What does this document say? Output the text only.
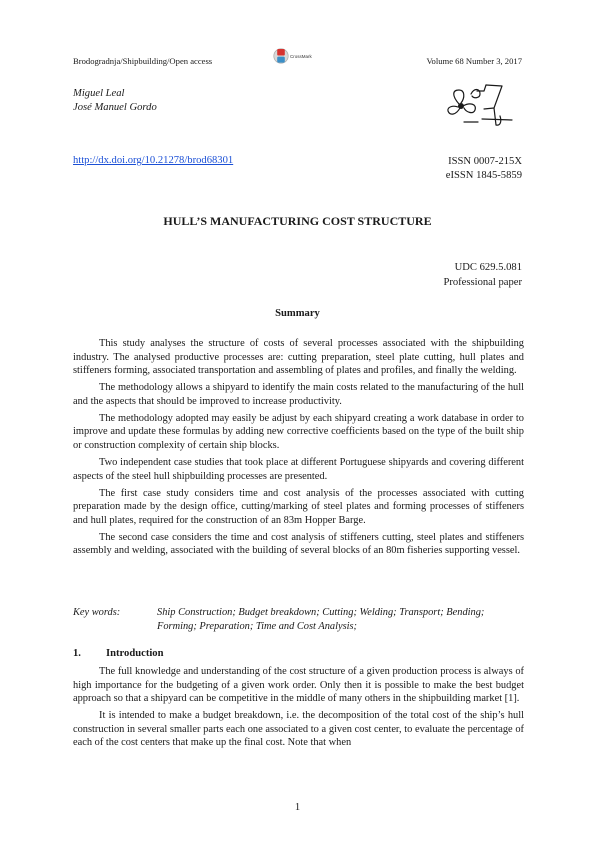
Brodogradnja/Shipbuilding/Open access	CrossMark	Volume 68 Number 3, 2017
Miguel Leal
José Manuel Gordo
http://dx.doi.org/10.21278/brod68301	ISSN 0007-215X
eISSN 1845-5859
HULL’S MANUFACTURING COST STRUCTURE
UDC 629.5.081
Professional paper
Summary

This study analyses the structure of costs of several processes associated with the shipbuilding industry. The analysed productive processes are: cutting preparation, steel plate cutting, hull plates and stiffeners forming, associated transportation and assembling of plates and profiles, and finally the welding.

The methodology allows a shipyard to identify the main costs related to the manufacturing of the hull and the aspects that should be improved to increase productivity.

The methodology adopted may easily be adjust by each shipyard creating a work database in order to improve and update these formulas by adding new corrective coefficients based on the type of the built ship or construction complexity of certain ship blocks.

Two independent case studies that took place at different Portuguese shipyards and covering different aspects of the steel hull shipbuilding processes are presented.

The first case study considers time and cost analysis of the processes associated with cutting preparation made by the design office, cutting/marking of steel plates and forming processes of stiffeners and hull plates, required for the construction of an 83m Hopper Barge.

The second case considers the time and cost analysis of stiffeners cutting, steel plates and stiffeners assembly and welding, associated with the building of several blocks of an 80m fisheries supporting vessel.

Key words:	Ship Construction; Budget breakdown; Cutting; Welding; Transport; Bending; Forming; Preparation; Time and Cost Analysis;
1. Introduction

The full knowledge and understanding of the cost structure of a given production process is always of high importance for the budgeting of a given work order. Only then it is possible to make the best budget approach so that a shipyard can be competitive in the middle of many others in the shipbuilding market [1].

It is intended to make a budget breakdown, i.e. the decomposition of the total cost of the ship’s hull construction in several smaller parts each one associated to a given cost center, to evaluate the percentage of each of the cost centers that make up the final cost. Note that when

1
